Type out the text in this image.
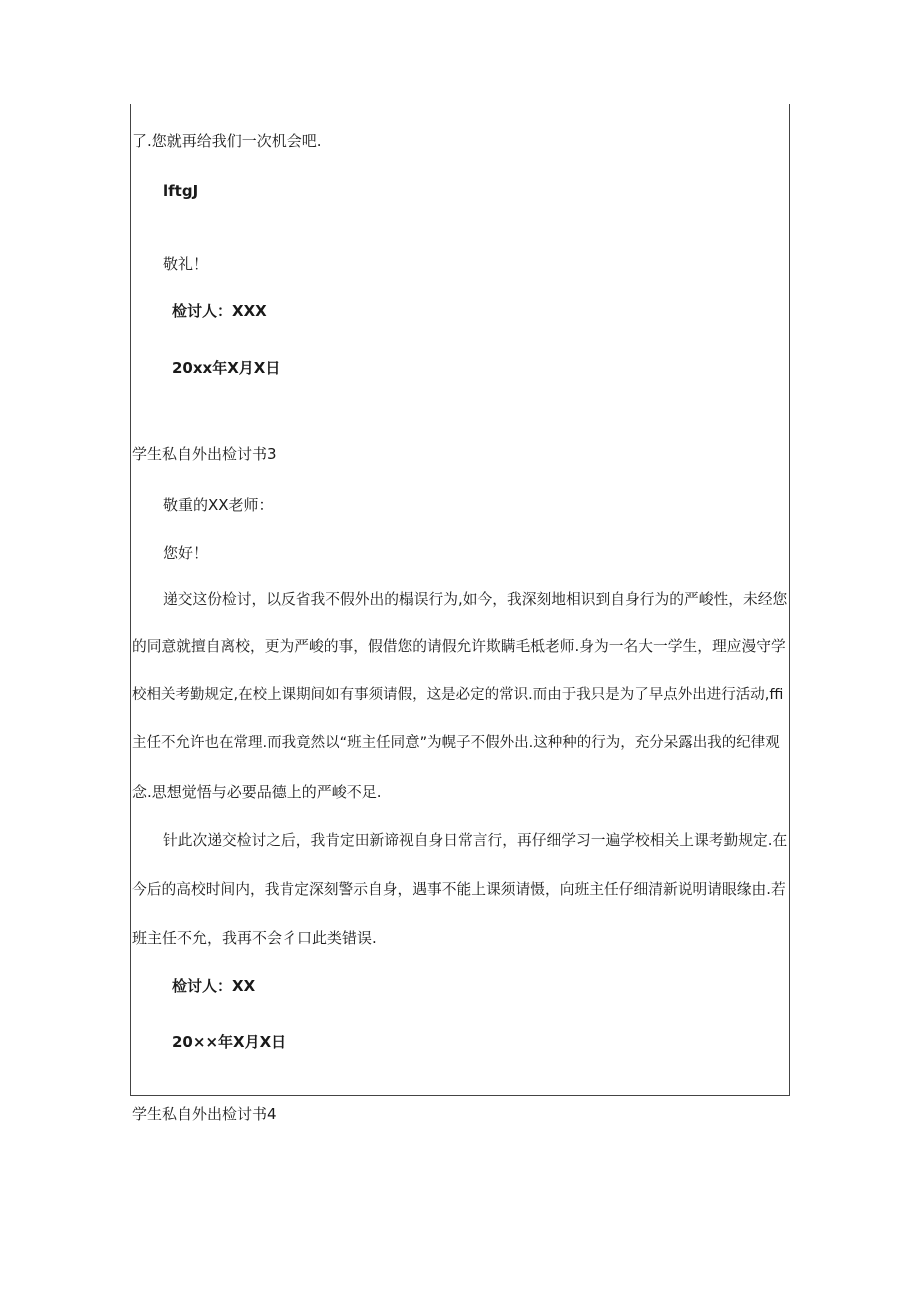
了.您就再给我们一次机会吧.
lftgJ
敬礼！
检讨人：XXX
20xx年X月X日
学生私自外出检讨书3
敬重的XX老师：
您好！
递交这份检讨，以反省我不假外出的榻误行为,如今，我深刻地相识到自身行为的严峻性，未经您
的同意就擅自离校，更为严峻的事，假借您的请假允许欺瞒毛柢老师.身为一名大一学生，理应漫守学
校相关考勤规定,在校上课期间如有事须请假，这是必定的常识.而由于我只是为了早点外出进行活动,ffi
主任不允许也在常理.而我竟然以“班主任同意”为幌子不假外出.这种种的行为，充分呆露出我的纪律观
念.思想觉悟与必要品德上的严峻不足.
针此次递交检讨之后，我肯定田新谛视自身日常言行，再仔细学习一遍学校相关上课考勤规定.在
今后的高校时间内，我肯定深刻警示自身，遇事不能上课须请慑，向班主任仔细清新说明请眼缘由.若
班主任不允，我再不会彳口此类错误.
检讨人：XX
20××年X月X日
学生私自外出检讨书4
